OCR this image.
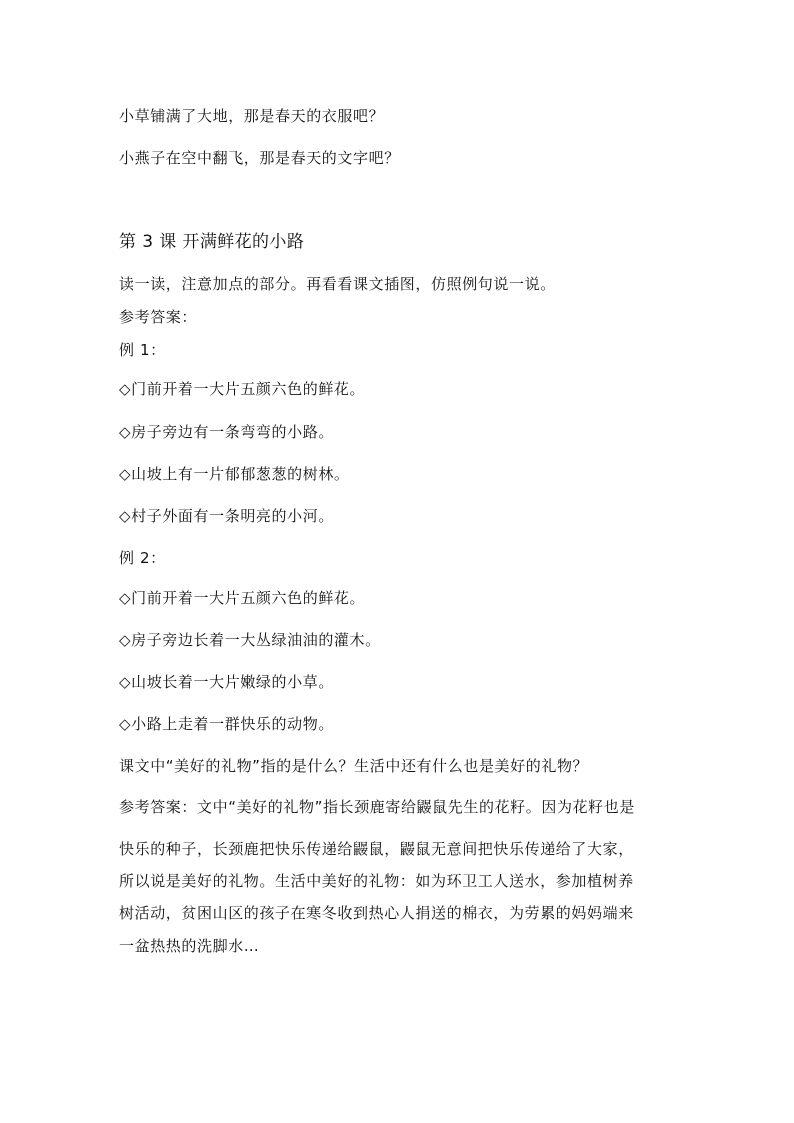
小草铺满了大地，那是春天的衣服吧？
小燕子在空中翻飞，那是春天的文字吧？
第 3 课 开满鲜花的小路
读一读，注意加点的部分。再看看课文插图，仿照例句说一说。
参考答案：
例 1：
◇门前开着一大片五颜六色的鲜花。
◇房子旁边有一条弯弯的小路。
◇山坡上有一片郁郁葱葱的树林。
◇村子外面有一条明亮的小河。
例 2：
◇门前开着一大片五颜六色的鲜花。
◇房子旁边长着一大丛绿油油的灌木。
◇山坡长着一大片嫩绿的小草。
◇小路上走着一群快乐的动物。
课文中“美好的礼物”指的是什么？生活中还有什么也是美好的礼物？
参考答案：文中“美好的礼物”指长颈鹿寄给鼹鼠先生的花籽。因为花籽也是
快乐的种子，长颈鹿把快乐传递给鼹鼠，鼹鼠无意间把快乐传递给了大家，
所以说是美好的礼物。生活中美好的礼物：如为环卫工人送水，参加植树养
树活动，贫困山区的孩子在寒冬收到热心人捐送的棉衣，为劳累的妈妈端来
一盆热热的洗脚水…
